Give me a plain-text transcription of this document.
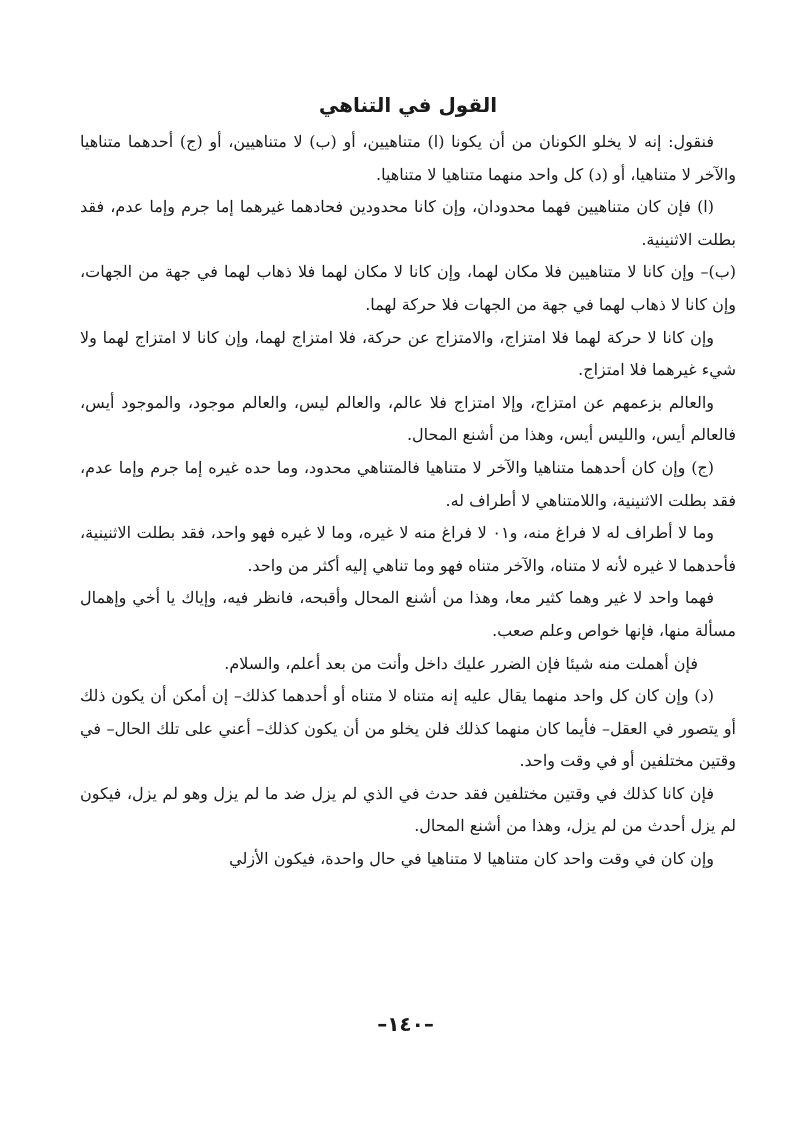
القول في التناهي

فنقول: إنه لا يخلو الكونان من أن يكونا (ا) متناهيين، أو (ب) لا متناهيين، أو (ج) أحدهما متناهيا والآخر لا متناهيا، أو (د) كل واحد منهما متناهيا لا متناهيا.

(ا) فإن كان متناهيين فهما محدودان، وإن كانا محدودين فحادهما غيرهما إما جرم وإما عدم، فقد بطلت الاثنينية.

(ب)– وإن كانا لا متناهيين فلا مكان لهما، وإن كانا لا مكان لهما فلا ذهاب لهما في جهة من الجهات، وإن كانا لا ذهاب لهما في جهة من الجهات فلا حركة لهما.

وإن كانا لا حركة لهما فلا امتزاج، والامتزاج عن حركة، فلا امتزاج لهما، وإن كانا لا امتزاج لهما ولا شيء غيرهما فلا امتزاج.

والعالم بزعمهم عن امتزاج، وإلا امتزاج فلا عالم، والعالم ليس، والعالم موجود، والموجود أيس، فالعالم أيس، والليس أيس، وهذا من أشنع المحال.

(ج) وإن كان أحدهما متناهيا والآخر لا متناهيا فالمتناهي محدود، وما حده غيره إما جرم وإما عدم، فقد بطلت الاثنينية، واللامتناهي لا أطراف له.

وما لا أطراف له لا فراغ منه، و٠١ لا فراغ منه لا غيره، وما لا غيره فهو واحد، فقد بطلت الاثنينية، فأحدهما لا غيره لأنه لا متناه، والآخر متناه فهو وما تناهي إليه أكثر من واحد.

فهما واحد لا غير وهما كثير معا، وهذا من أشنع المحال وأقبحه، فانظر فيه، وإياك يا أخي وإهمال مسألة منها، فإنها خواص وعلم صعب.

فإن أهملت منه شيئا فإن الضرر عليك داخل وأنت من بعد أعلم، والسلام.

(د) وإن كان كل واحد منهما يقال عليه إنه متناه لا متناه أو أحدهما كذلك– إن أمكن أن يكون ذلك أو يتصور في العقل– فأيما كان منهما كذلك فلن يخلو من أن يكون كذلك– أعني على تلك الحال– في وقتين مختلفين أو في وقت واحد.

فإن كانا كذلك في وقتين مختلفين فقد حدث في الذي لم يزل ضد ما لم يزل وهو لم يزل، فيكون لم يزل أحدث من لم يزل، وهذا من أشنع المحال.

وإن كان في وقت واحد كان متناهيا لا متناهيا في حال واحدة، فيكون الأزلي

–١٤٠–
